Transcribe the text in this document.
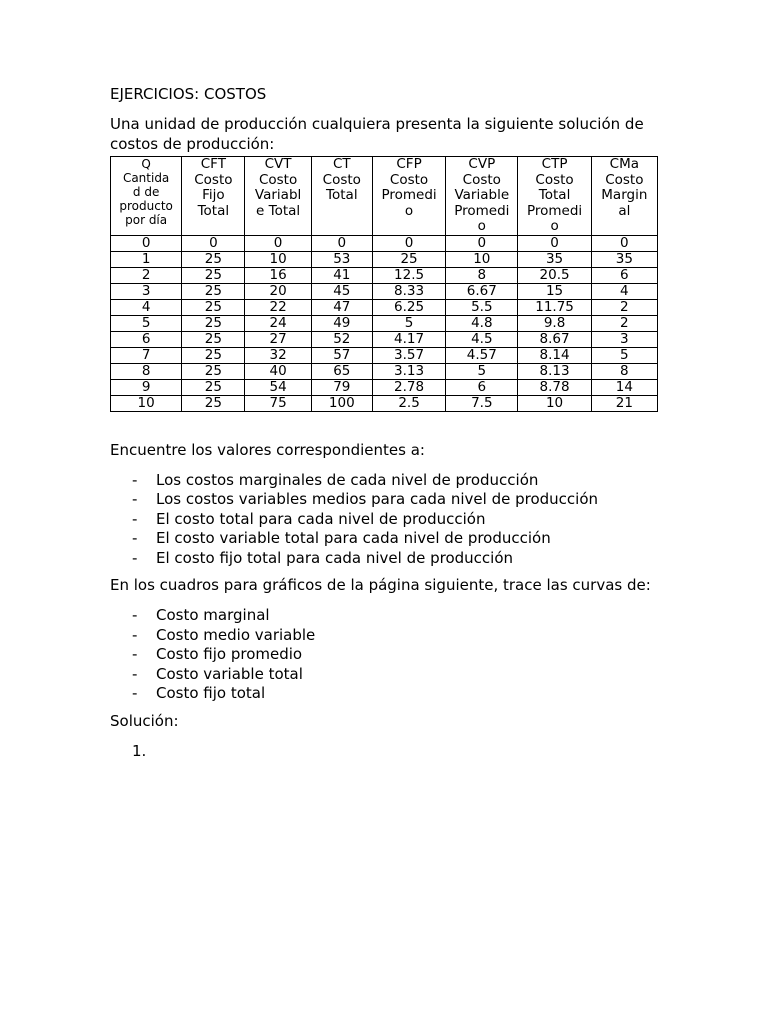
EJERCICIOS: COSTOS
Una unidad de producción cualquiera presenta la siguiente solución de costos de producción:
Q
Cantida
d de
producto
por día	CFT
Costo
Fijo
Total	CVT
Costo
Variabl
e Total	CT
Costo
Total	CFP
Costo
Promedi
o	CVP
Costo
Variable
Promedi
o	CTP
Costo
Total
Promedi
o	CMa
Costo
Margin
al
0	0	0	0	0	0	0	0
1	25	10	53	25	10	35	35
2	25	16	41	12.5	8	20.5	6
3	25	20	45	8.33	6.67	15	4
4	25	22	47	6.25	5.5	11.75	2
5	25	24	49	5	4.8	9.8	2
6	25	27	52	4.17	4.5	8.67	3
7	25	32	57	3.57	4.57	8.14	5
8	25	40	65	3.13	5	8.13	8
9	25	54	79	2.78	6	8.78	14
10	25	75	100	2.5	7.5	10	21
Encuentre los valores correspondientes a:
- Los costos marginales de cada nivel de producción
- Los costos variables medios para cada nivel de producción
- El costo total para cada nivel de producción
- El costo variable total para cada nivel de producción
- El costo fijo total para cada nivel de producción
En los cuadros para gráficos de la página siguiente, trace las curvas de:
- Costo marginal
- Costo medio variable
- Costo fijo promedio
- Costo variable total
- Costo fijo total
Solución:
1.
